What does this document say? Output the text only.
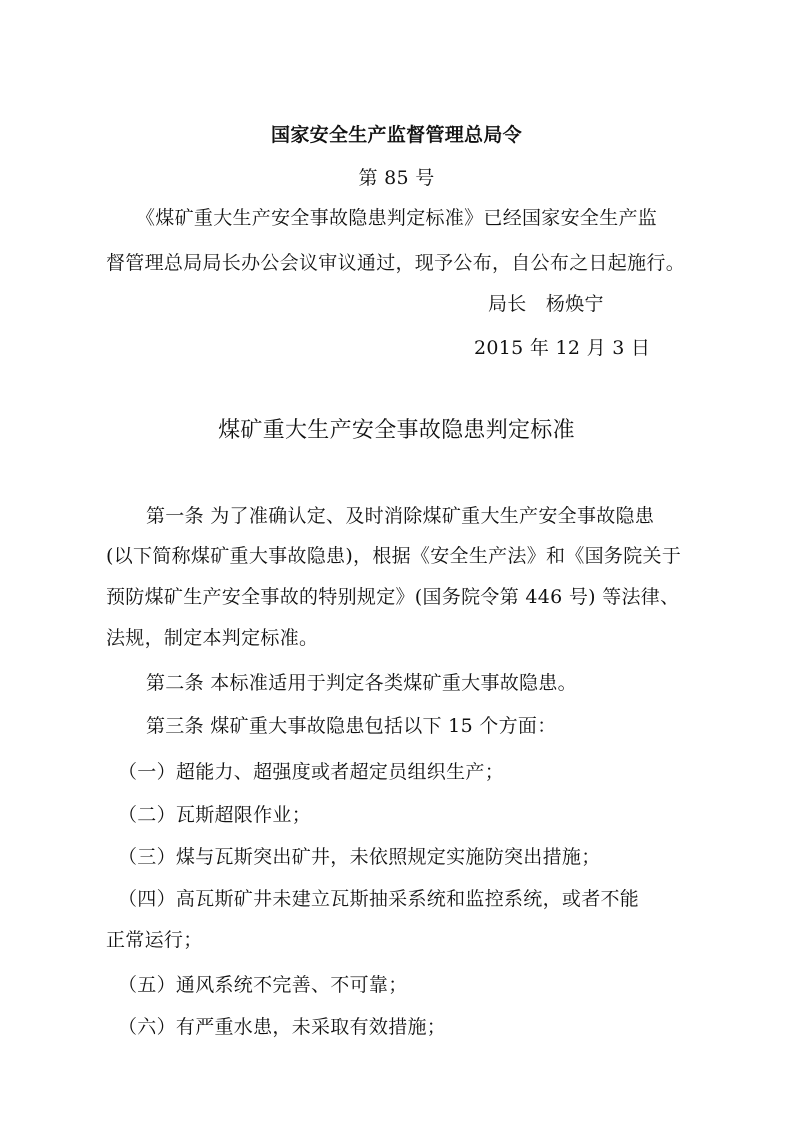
国家安全生产监督管理总局令
第 85 号
《煤矿重大生产安全事故隐患判定标准》已经国家安全生产监
督管理总局局长办公会议审议通过，现予公布，自公布之日起施行。
局长　杨焕宁
2015 年 12 月 3 日
煤矿重大生产安全事故隐患判定标准
第一条 为了准确认定、及时消除煤矿重大生产安全事故隐患
(以下简称煤矿重大事故隐患)，根据《安全生产法》和《国务院关于
预防煤矿生产安全事故的特别规定》(国务院令第 446 号) 等法律、
法规，制定本判定标准。
第二条 本标准适用于判定各类煤矿重大事故隐患。
第三条 煤矿重大事故隐患包括以下 15 个方面：
（一）超能力、超强度或者超定员组织生产；
（二）瓦斯超限作业；
（三）煤与瓦斯突出矿井，未依照规定实施防突出措施；
（四）高瓦斯矿井未建立瓦斯抽采系统和监控系统，或者不能
正常运行；
（五）通风系统不完善、不可靠；
（六）有严重水患，未采取有效措施；
